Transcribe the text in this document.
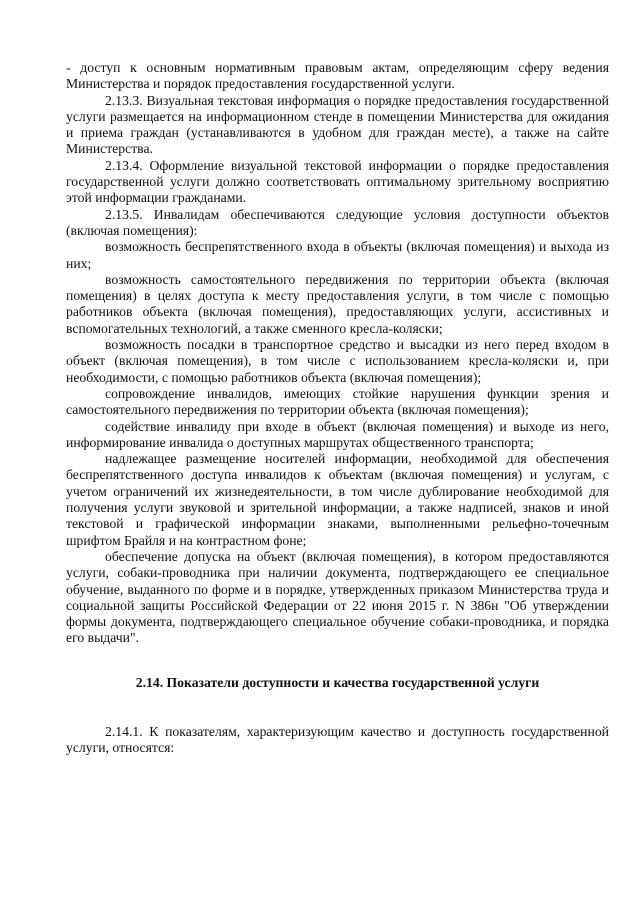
- доступ к основным нормативным правовым актам, определяющим сферу ведения Министерства и порядок предоставления государственной услуги.

2.13.3. Визуальная текстовая информация о порядке предоставления государственной услуги размещается на информационном стенде в помещении Министерства для ожидания и приема граждан (устанавливаются в удобном для граждан месте), а также на сайте Министерства.

2.13.4. Оформление визуальной текстовой информации о порядке предоставления государственной услуги должно соответствовать оптимальному зрительному восприятию этой информации гражданами.

2.13.5. Инвалидам обеспечиваются следующие условия доступности объектов (включая помещения):

возможность беспрепятственного входа в объекты (включая помещения) и выхода из них;

возможность самостоятельного передвижения по территории объекта (включая помещения) в целях доступа к месту предоставления услуги, в том числе с помощью работников объекта (включая помещения), предоставляющих услуги, ассистивных и вспомогательных технологий, а также сменного кресла-коляски;

возможность посадки в транспортное средство и высадки из него перед входом в объект (включая помещения), в том числе с использованием кресла-коляски и, при необходимости, с помощью работников объекта (включая помещения);

сопровождение инвалидов, имеющих стойкие нарушения функции зрения и самостоятельного передвижения по территории объекта (включая помещения);

содействие инвалиду при входе в объект (включая помещения) и выходе из него, информирование инвалида о доступных маршрутах общественного транспорта;

надлежащее размещение носителей информации, необходимой для обеспечения беспрепятственного доступа инвалидов к объектам (включая помещения) и услугам, с учетом ограничений их жизнедеятельности, в том числе дублирование необходимой для получения услуги звуковой и зрительной информации, а также надписей, знаков и иной текстовой и графической информации знаками, выполненными рельефно-точечным шрифтом Брайля и на контрастном фоне;

обеспечение допуска на объект (включая помещения), в котором предоставляются услуги, собаки-проводника при наличии документа, подтверждающего ее специальное обучение, выданного по форме и в порядке, утвержденных приказом Министерства труда и социальной защиты Российской Федерации от 22 июня 2015 г. N 386н "Об утверждении формы документа, подтверждающего специальное обучение собаки-проводника, и порядка его выдачи".

2.14. Показатели доступности и качества государственной услуги

2.14.1. К показателям, характеризующим качество и доступность государственной услуги, относятся:
